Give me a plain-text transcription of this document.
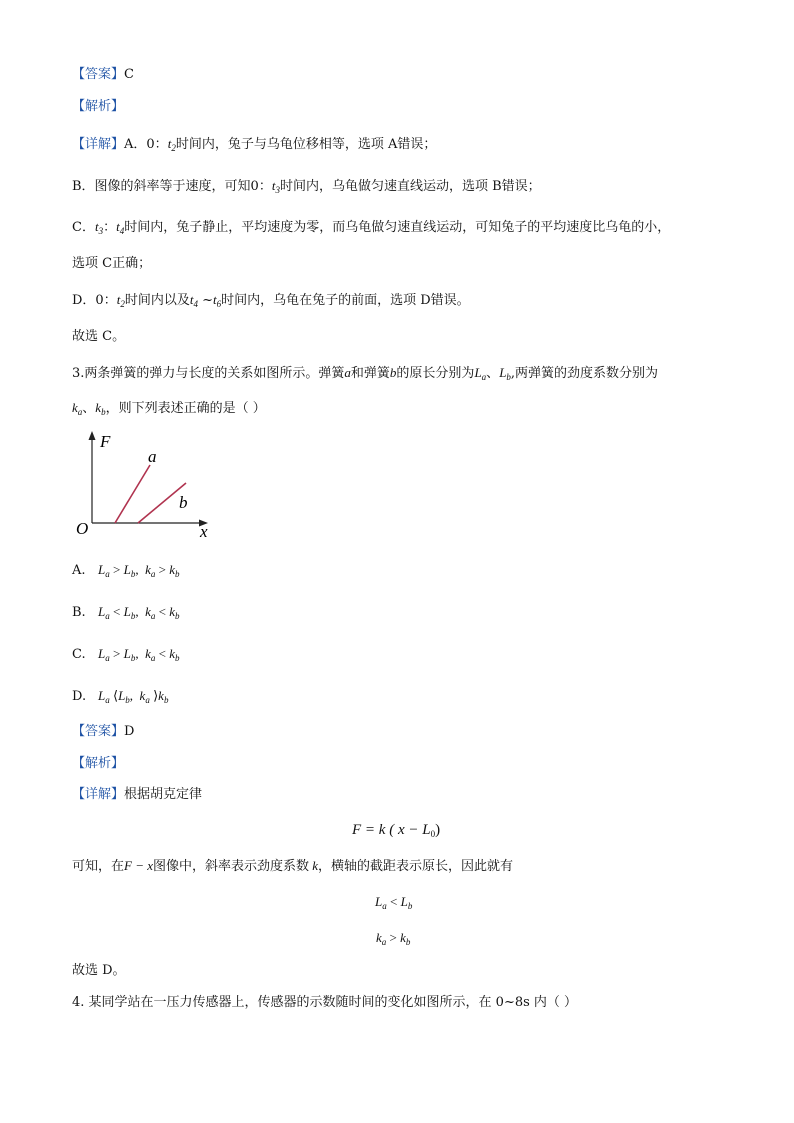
【答案】C
【解析】
【详解】A．0：$t_2$时间内，兔子与乌龟位移相等，选项 A错误；
B．图像的斜率等于速度，可知0：$t_3$时间内，乌龟做匀速直线运动，选项 B错误；
C．$t_3$：$t_4$时间内，兔子静止，平均速度为零，而乌龟做匀速直线运动，可知兔子的平均速度比乌龟的小，
选项 C正确；
D．0：$t_2$时间内以及$t_4$ $\sim t_6$时间内，乌龟在兔子的前面，选项 D错误。
故选 C。
3.两条弹簧的弹力与长度的关系如图所示。弹簧a和弹簧b的原长分别为$L_a$、$L_b$,两弹簧的劲度系数分别为
$k_a$、$k_b$，则下列表述正确的是（ ）
F
x
O
a
b
A. $L_a > L_b$,  $k_a > k_b$
B. $L_a < L_b$,  $k_a < k_b$
C. $L_a > L_b$,  $k_a < k_b$
D. $L_a$ $⟨L_b$,  $k_a$ $⟩k_b$
【答案】D
【解析】
【详解】根据胡克定律
F = k ( $x - L_0$)
可知，在F − x图像中，斜率表示劲度系数 k，横轴的截距表示原长，因此就有
$L_a < L_b$
$k_a > k_b$
故选 D。
4. 某同学站在一压力传感器上，传感器的示数随时间的变化如图所示，在 0~8s 内（ ）
